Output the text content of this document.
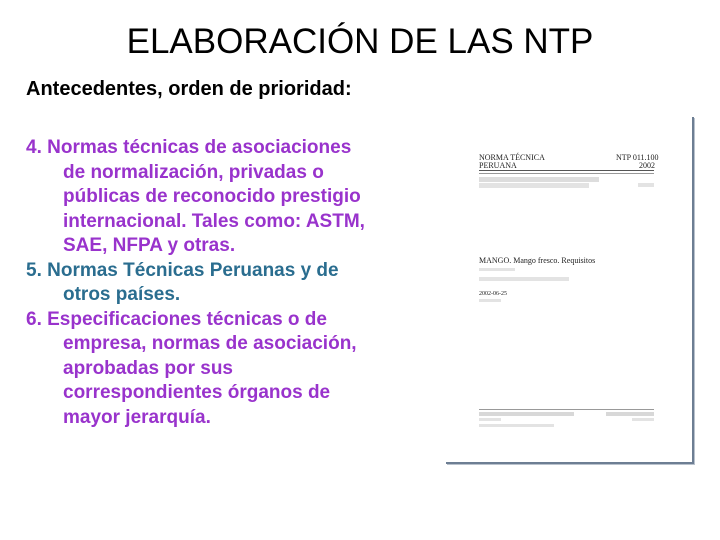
ELABORACIÓN DE LAS NTP
Antecedentes, orden de prioridad:
4. Normas técnicas de asociaciones
de normalización, privadas o
públicas de reconocido prestigio
internacional. Tales como: ASTM,
SAE, NFPA y otras.
5. Normas Técnicas Peruanas y de
otros países.
6. Especificaciones técnicas o de
empresa, normas de asociación,
aprobadas por sus
correspondientes órganos de
mayor jerarquía.
NORMA TÉCNICA
PERUANA
NTP 011.100
2002
MANGO. Mango fresco. Requisitos
2002-06-25
